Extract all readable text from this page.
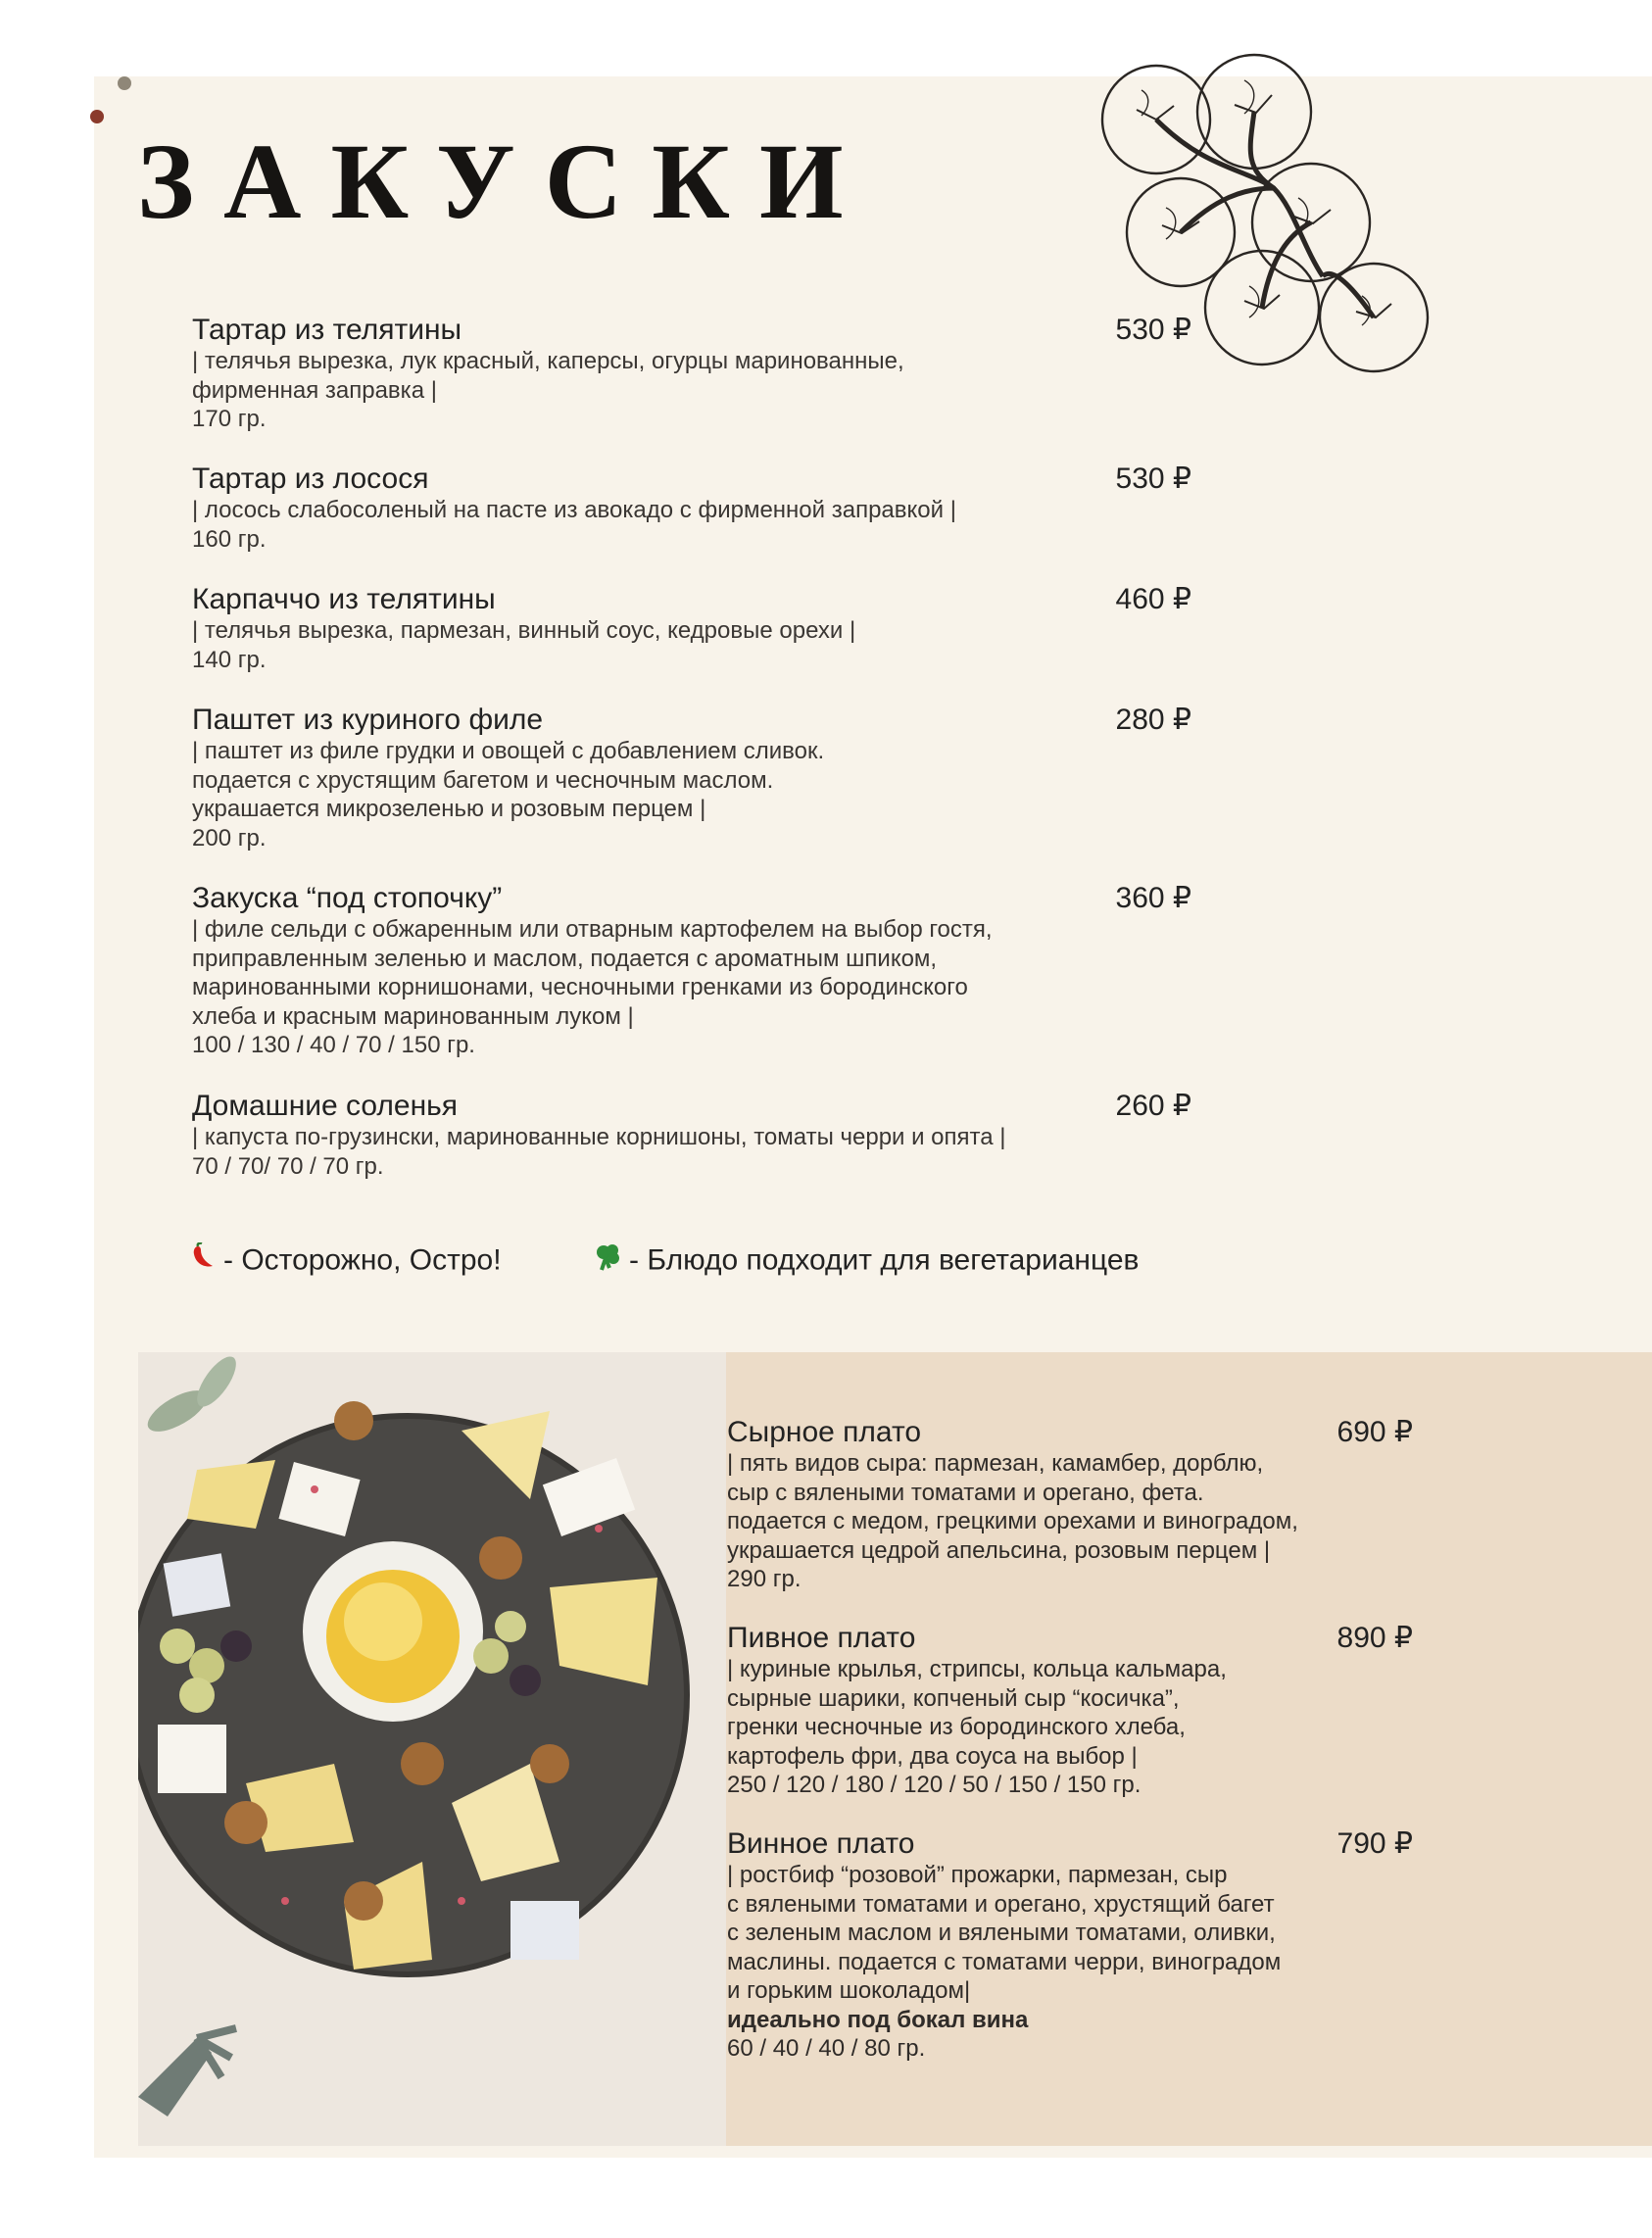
ЗАКУСКИ
Тартар из телятины	530 ₽
| телячья вырезка, лук красный, каперсы, огурцы маринованные,
фирменная заправка |
170 гр.
Тартар из лосося	530 ₽
| лосось слабосоленый на пасте из авокадо с фирменной заправкой |
160 гр.
Карпаччо из телятины	460 ₽
| телячья вырезка, пармезан, винный соус, кедровые орехи |
140 гр.
Паштет из куриного филе	280 ₽
| паштет из филе грудки и овощей с добавлением сливок.
подается с хрустящим багетом и чесночным маслом.
украшается микрозеленью и розовым перцем |
200 гр.
Закуска “под стопочку”	360 ₽
| филе сельди с обжаренным или отварным картофелем на выбор гостя,
приправленным зеленью и маслом, подается с ароматным шпиком,
маринованными корнишонами, чесночными гренками из бородинского
хлеба и красным маринованным луком |
100 / 130 / 40 / 70 / 150 гр.
Домашние соленья	260 ₽
| капуста по-грузински, маринованные корнишоны, томаты черри и опята |
70 / 70/ 70 / 70 гр.
- Осторожно, Остро!	- Блюдо подходит для вегетарианцев
Сырное плато	690 ₽
| пять видов сыра: пармезан, камамбер, дорблю,
сыр с вялеными томатами и орегано, фета.
подается с медом, грецкими орехами и виноградом,
украшается цедрой апельсина, розовым перцем |
290 гр.
Пивное плато	890 ₽
| куриные крылья, стрипсы, кольца кальмара,
сырные шарики, копченый сыр “косичка”,
гренки чесночные из бородинского хлеба,
картофель фри, два соуса на выбор |
250 / 120 / 180 / 120 / 50 / 150 / 150 гр.
Винное плато	790 ₽
| ростбиф “розовой” прожарки, пармезан, сыр
с вялеными томатами и орегано, хрустящий багет
с зеленым маслом и вялеными томатами, оливки,
маслины. подается с томатами черри, виноградом
и горьким шоколадом|
идеально под бокал вина
60 / 40 / 40 / 80 гр.
